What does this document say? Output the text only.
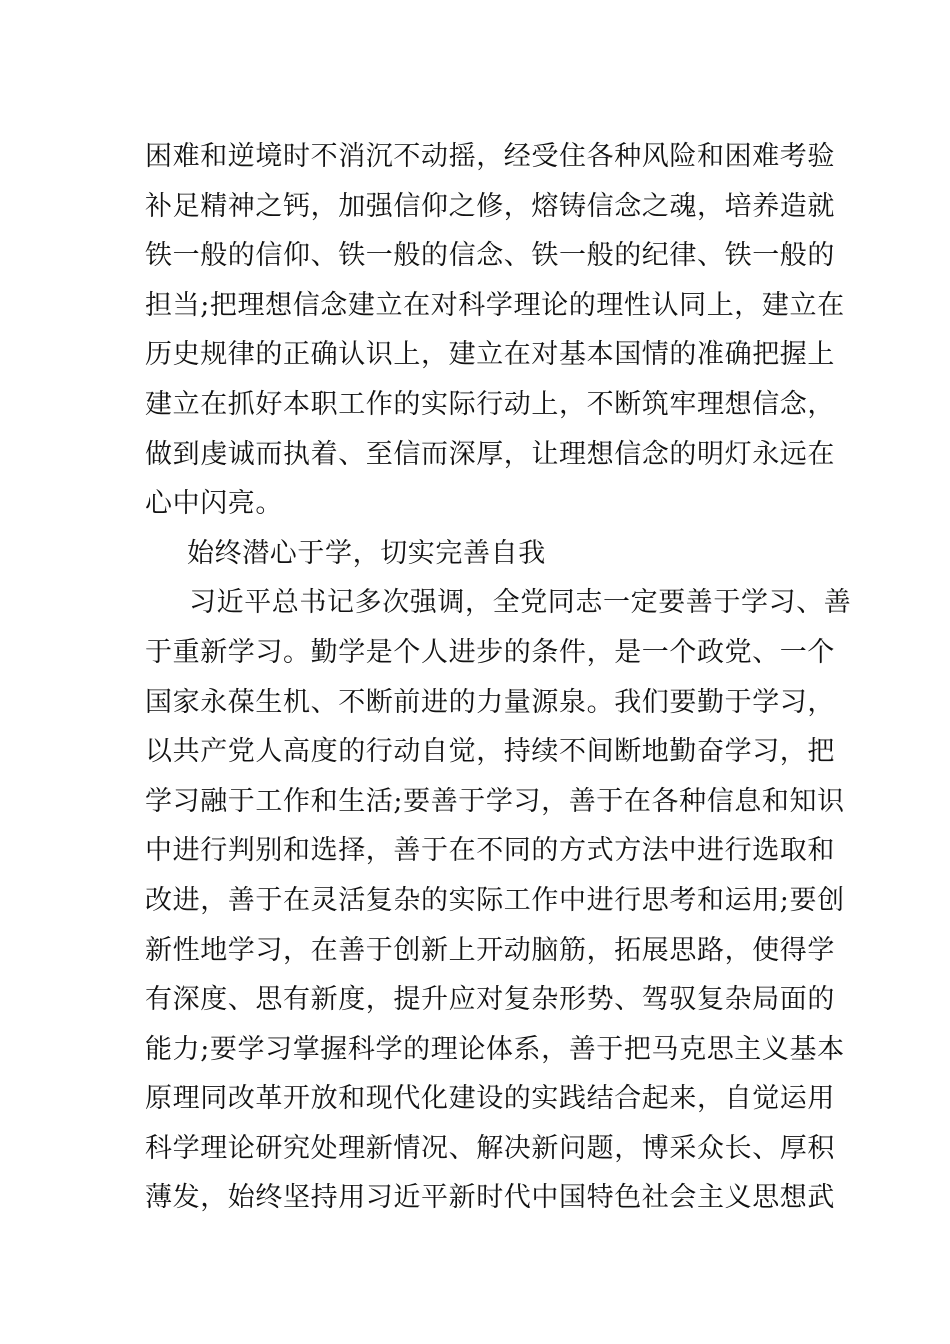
困难和逆境时不消沉不动摇，经受住各种风险和困难考验
补足精神之钙，加强信仰之修，熔铸信念之魂，培养造就
铁一般的信仰、铁一般的信念、铁一般的纪律、铁一般的
担当;把理想信念建立在对科学理论的理性认同上，建立在
历史规律的正确认识上，建立在对基本国情的准确把握上
建立在抓好本职工作的实际行动上，不断筑牢理想信念，
做到虔诚而执着、至信而深厚，让理想信念的明灯永远在
心中闪亮。
始终潜心于学，切实完善自我
习近平总书记多次强调，全党同志一定要善于学习、善
于重新学习。勤学是个人进步的条件，是一个政党、一个
国家永葆生机、不断前进的力量源泉。我们要勤于学习，
以共产党人高度的行动自觉，持续不间断地勤奋学习，把
学习融于工作和生活;要善于学习，善于在各种信息和知识
中进行判别和选择，善于在不同的方式方法中进行选取和
改进，善于在灵活复杂的实际工作中进行思考和运用;要创
新性地学习，在善于创新上开动脑筋，拓展思路，使得学
有深度、思有新度，提升应对复杂形势、驾驭复杂局面的
能力;要学习掌握科学的理论体系，善于把马克思主义基本
原理同改革开放和现代化建设的实践结合起来，自觉运用
科学理论研究处理新情况、解决新问题，博采众长、厚积
薄发，始终坚持用习近平新时代中国特色社会主义思想武
